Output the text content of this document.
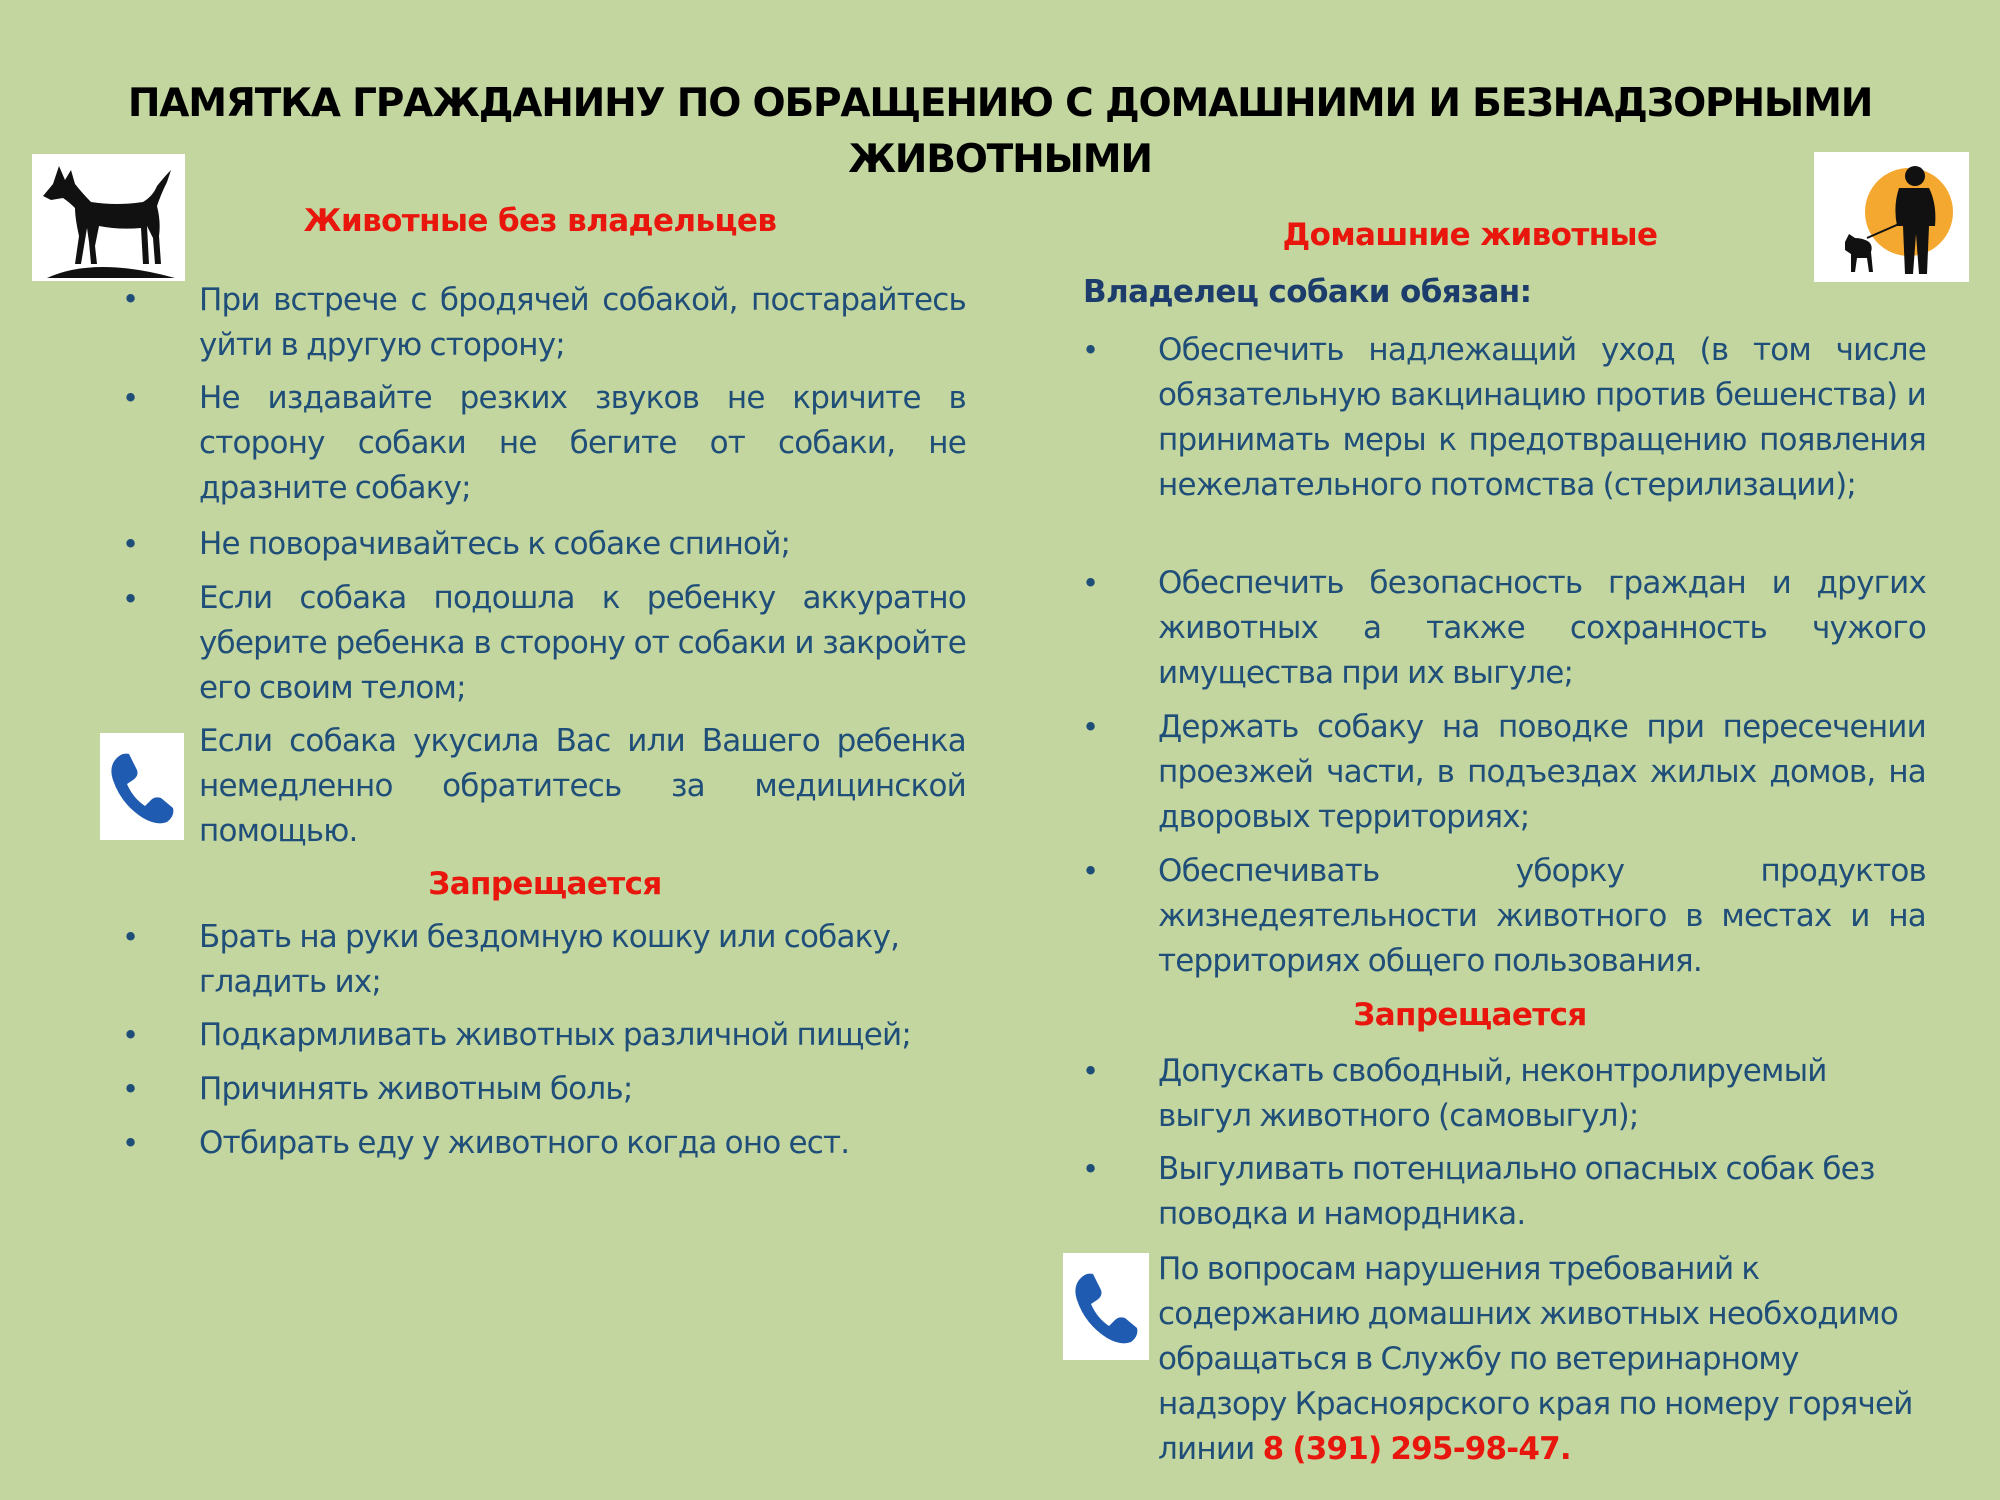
ПАМЯТКА ГРАЖДАНИНУ ПО ОБРАЩЕНИЮ С ДОМАШНИМИ И БЕЗНАДЗОРНЫМИ
ЖИВОТНЫМИ
Животные без владельцев
• При встрече с бродячей собакой, постарайтесь уйти в другую сторону;
• Не издавайте резких звуков не кричите в сторону собаки не бегите от собаки, не дразните собаку;
• Не поворачивайтесь к собаке спиной;
• Если собака подошла к ребенку аккуратно уберите ребенка в сторону от собаки и закройте его своим телом;
Если собака укусила Вас или Вашего ребенка немедленно обратитесь за медицинской помощью.
Запрещается
• Брать на руки бездомную кошку или собаку, гладить их;
• Подкармливать животных различной пищей;
• Причинять животным боль;
• Отбирать еду у животного когда оно ест.
Домашние животные
Владелец собаки обязан:
• Обеспечить надлежащий уход (в том числе обязательную вакцинацию против бешенства) и принимать меры к предотвращению появления нежелательного потомства (стерилизации);
• Обеспечить безопасность граждан и других животных а также сохранность чужого имущества при их выгуле;
• Держать собаку на поводке при пересечении проезжей части, в подъездах жилых домов, на дворовых территориях;
• Обеспечивать уборку продуктов жизнедеятельности животного в местах и на территориях общего пользования.
Запрещается
• Допускать свободный, неконтролируемый выгул животного (самовыгул);
• Выгуливать потенциально опасных собак без поводка и намордника.
По вопросам нарушения требований к содержанию домашних животных необходимо обращаться в Службу по ветеринарному надзору Красноярского края по номеру горячей линии 8 (391) 295-98-47.
